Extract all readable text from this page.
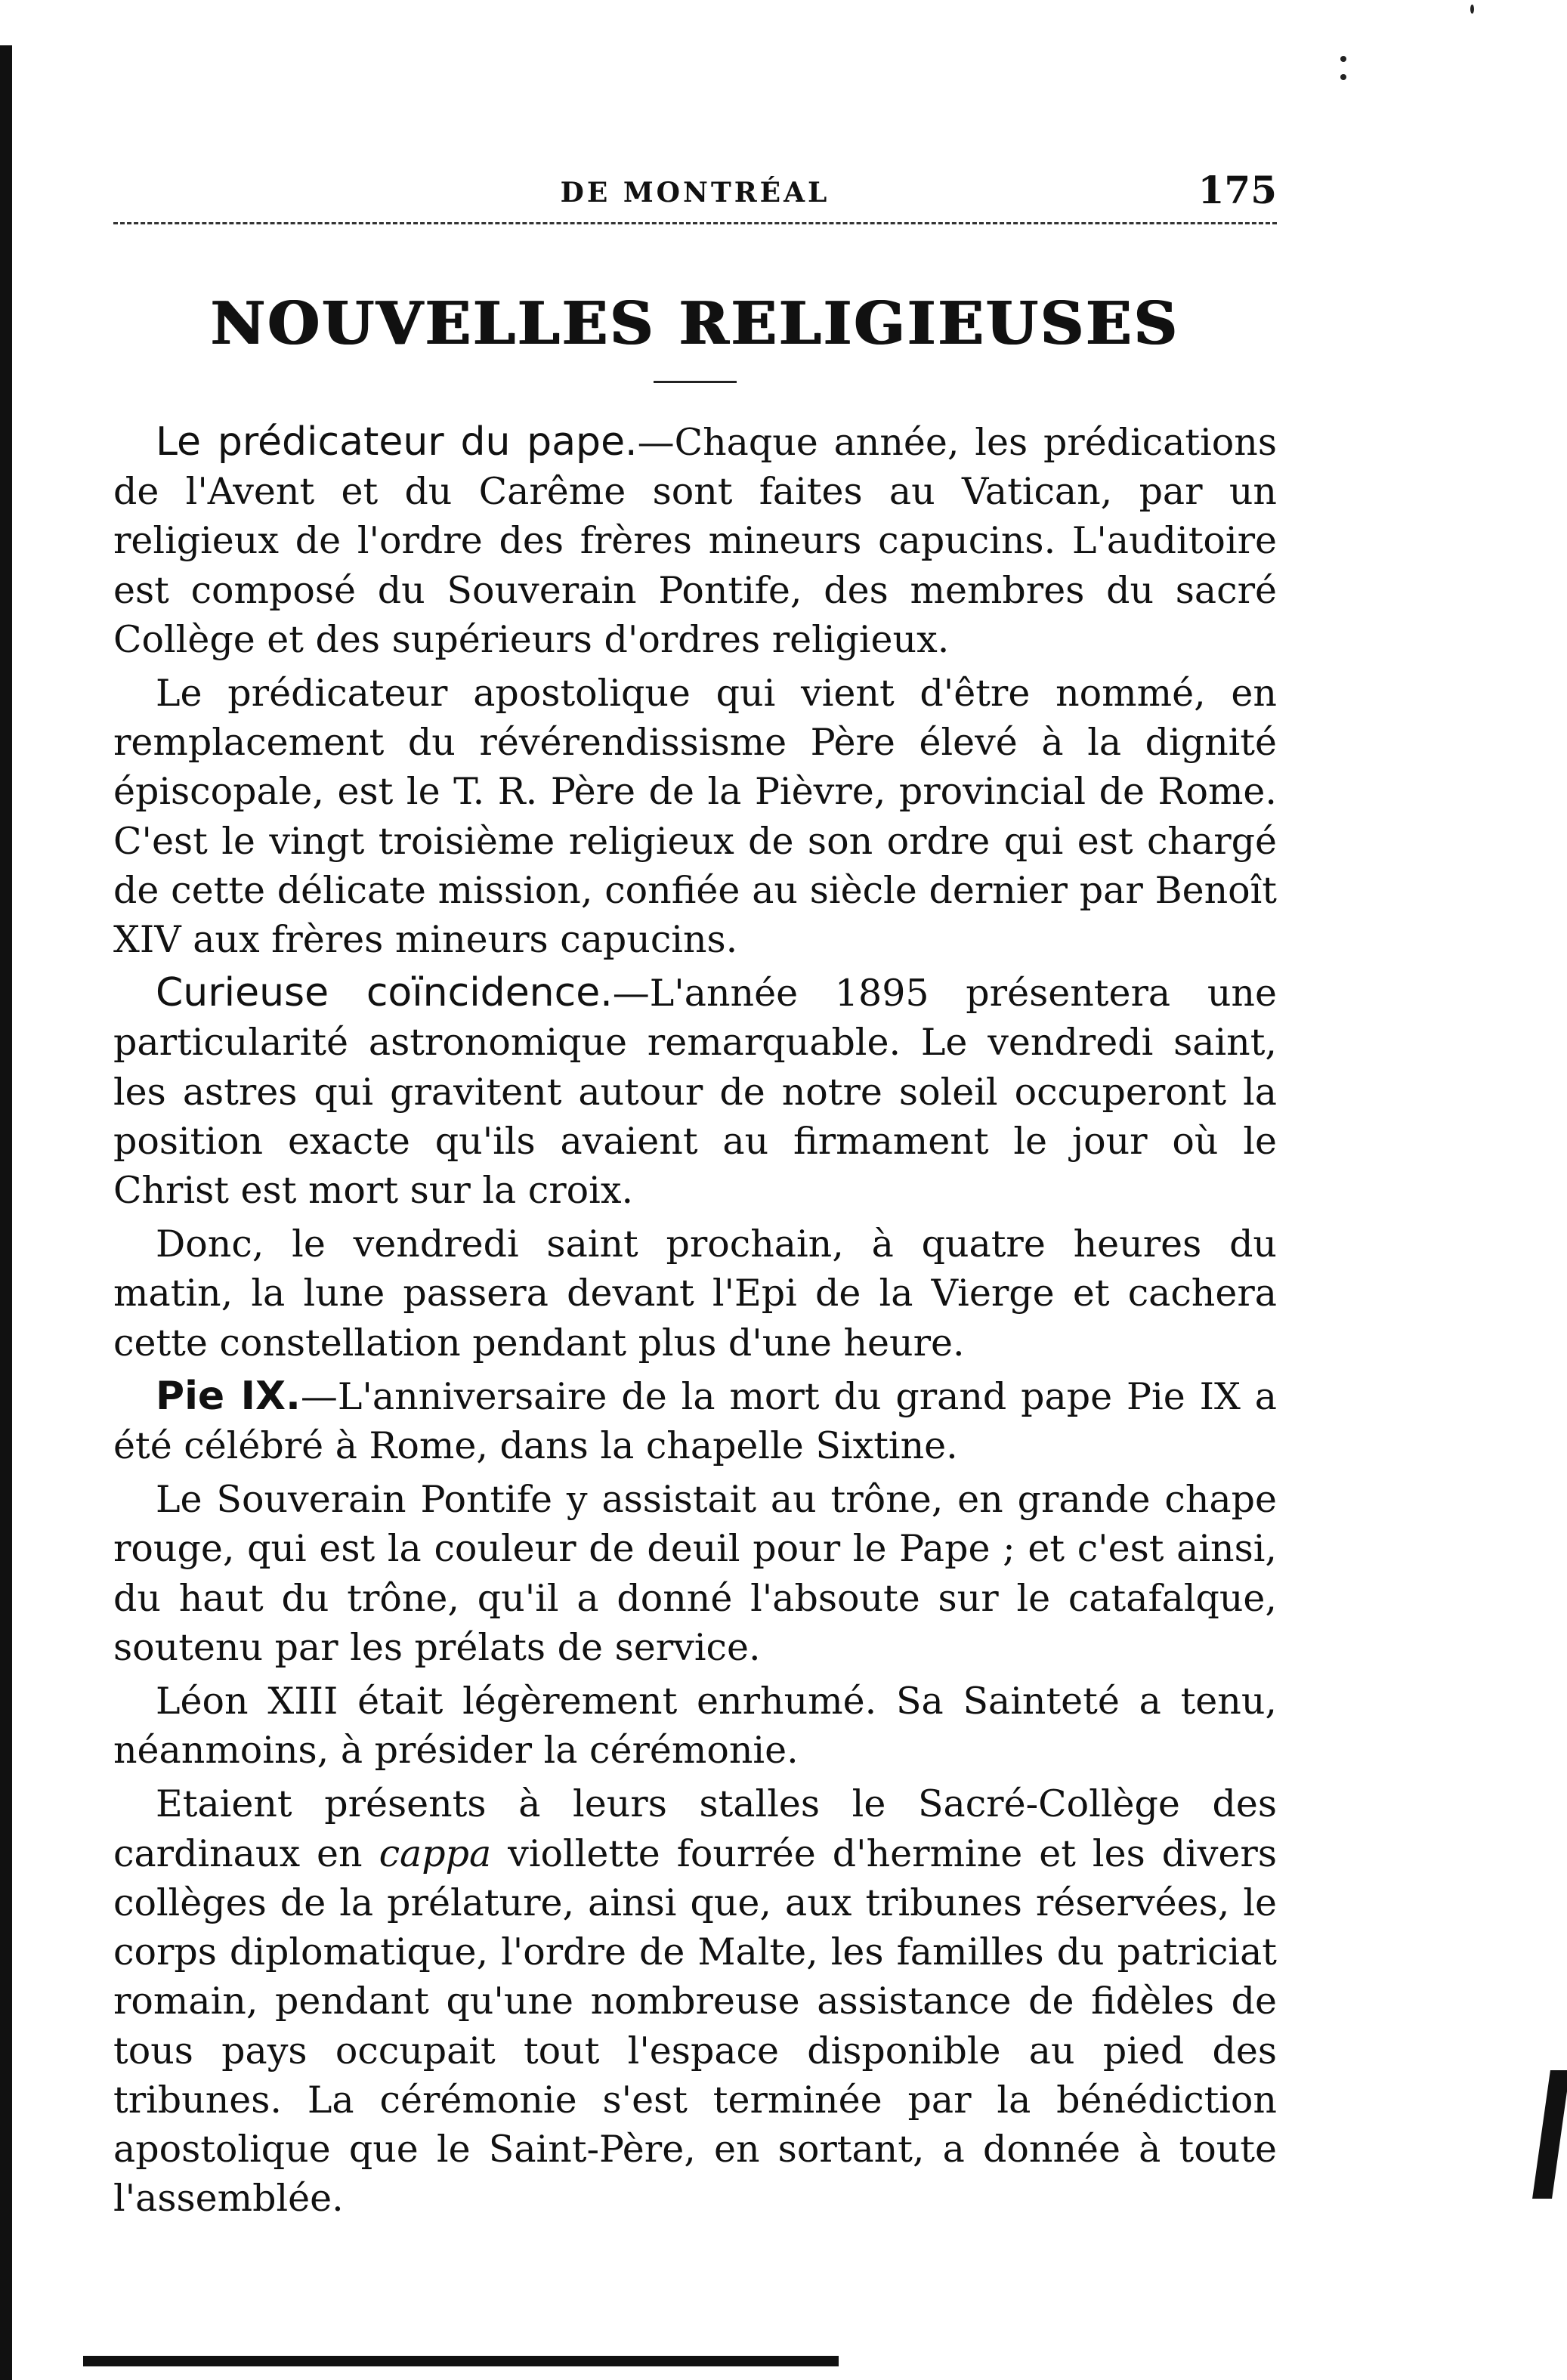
DE MONTRÉAL	175
NOUVELLES RELIGIEUSES

Le prédicateur du pape.—Chaque année, les prédications de l'Avent et du Carême sont faites au Vatican, par un religieux de l'ordre des frères mineurs capucins. L'auditoire est composé du Souverain Pontife, des membres du sacré Collège et des supérieurs d'ordres religieux.

Le prédicateur apostolique qui vient d'être nommé, en remplacement du révérendissisme Père élevé à la dignité épiscopale, est le T. R. Père de la Pièvre, provincial de Rome. C'est le vingt troisième religieux de son ordre qui est chargé de cette délicate mission, confiée au siècle dernier par Benoît XIV aux frères mineurs capucins.

Curieuse coïncidence.—L'année 1895 présentera une particularité astronomique remarquable. Le vendredi saint, les astres qui gravitent autour de notre soleil occuperont la position exacte qu'ils avaient au firmament le jour où le Christ est mort sur la croix.

Donc, le vendredi saint prochain, à quatre heures du matin, la lune passera devant l'Epi de la Vierge et cachera cette constellation pendant plus d'une heure.

Pie IX.—L'anniversaire de la mort du grand pape Pie IX a été célébré à Rome, dans la chapelle Sixtine.

Le Souverain Pontife y assistait au trône, en grande chape rouge, qui est la couleur de deuil pour le Pape ; et c'est ainsi, du haut du trône, qu'il a donné l'absoute sur le catafalque, soutenu par les prélats de service.

Léon XIII était légèrement enrhumé. Sa Sainteté a tenu, néanmoins, à présider la cérémonie.

Etaient présents à leurs stalles le Sacré-Collège des cardinaux en cappa viollette fourrée d'hermine et les divers collèges de la prélature, ainsi que, aux tribunes réservées, le corps diplomatique, l'ordre de Malte, les familles du patriciat romain, pendant qu'une nombreuse assistance de fidèles de tous pays occupait tout l'espace disponible au pied des tribunes. La cérémonie s'est terminée par la bénédiction apostolique que le Saint-Père, en sortant, a donnée à toute l'assemblée.
